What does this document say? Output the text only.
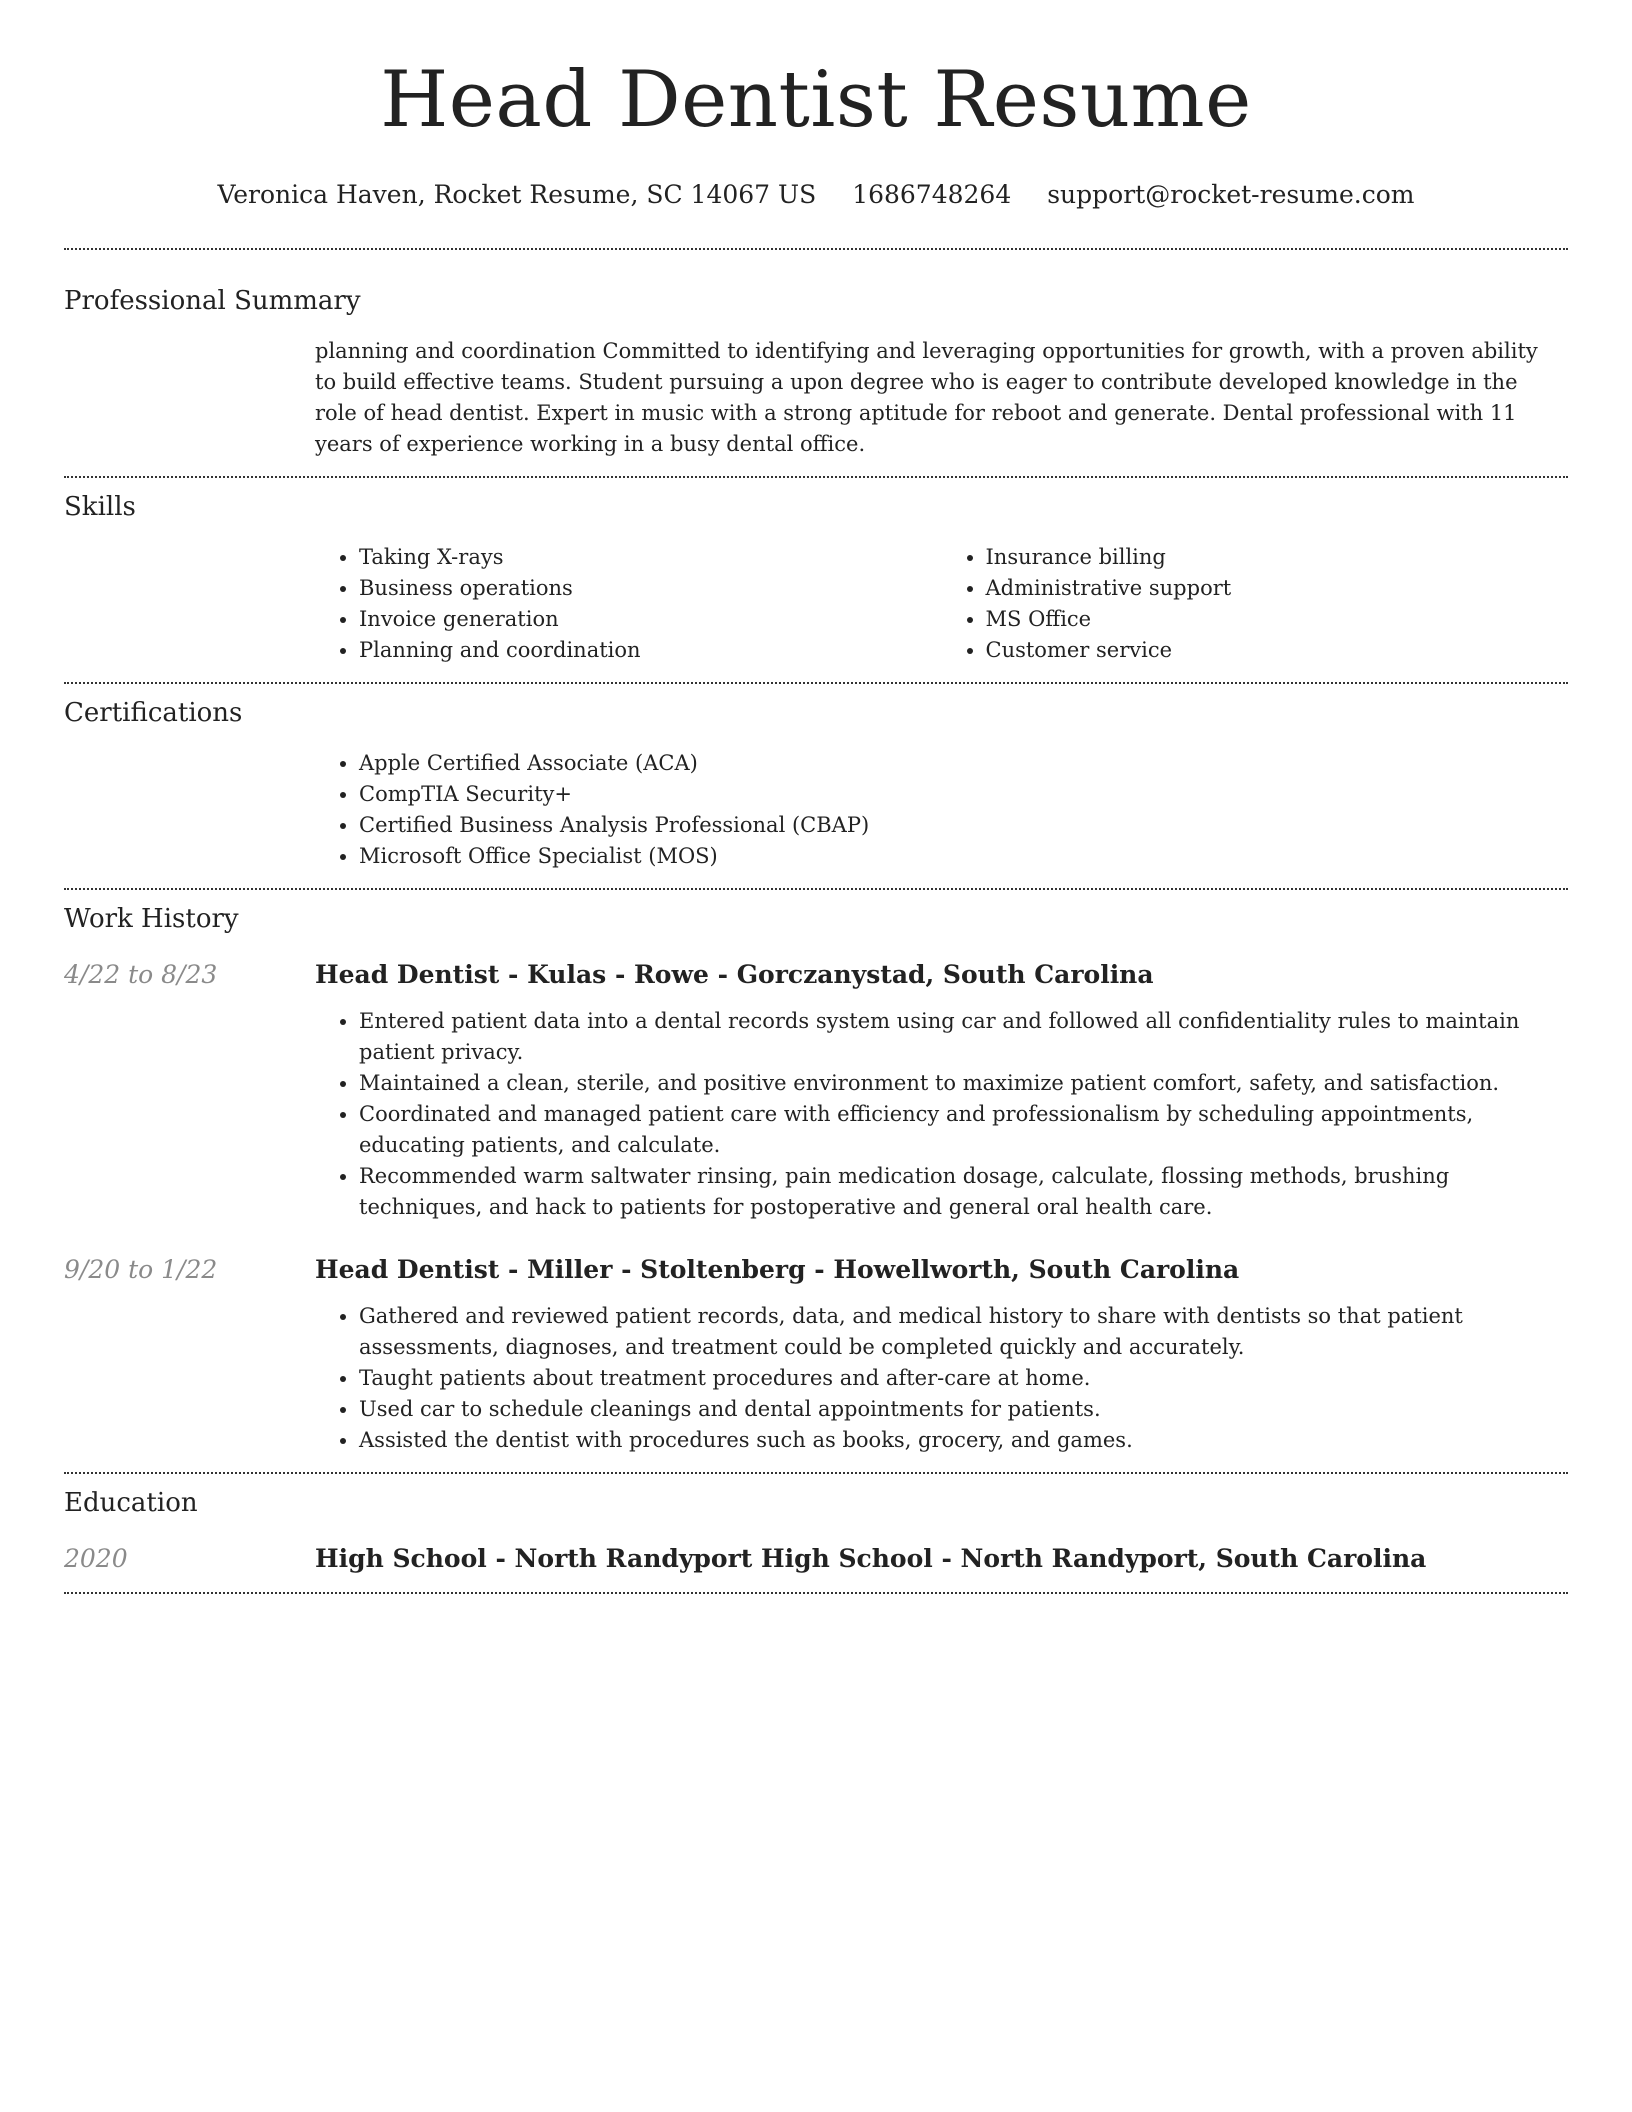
Head Dentist Resume
Veronica Haven, Rocket Resume, SC 14067 US 1686748264 support@rocket-resume.com
Professional Summary

planning and coordination Committed to identifying and leveraging opportunities for growth, with a proven ability to build effective teams. Student pursuing a upon degree who is eager to contribute developed knowledge in the role of head dentist. Expert in music with a strong aptitude for reboot and generate. Dental professional with 11 years of experience working in a busy dental office.

Skills
• Taking X-rays
• Business operations
• Invoice generation
• Planning and coordination
• Insurance billing
• Administrative support
• MS Office
• Customer service
Certifications
• Apple Certified Associate (ACA)
• CompTIA Security+
• Certified Business Analysis Professional (CBAP)
• Microsoft Office Specialist (MOS)
Work History
4/22 to 8/23	Head Dentist - Kulas - Rowe - Gorczanystad, South Carolina
• Entered patient data into a dental records system using car and followed all confidentiality rules to maintain patient privacy.
• Maintained a clean, sterile, and positive environment to maximize patient comfort, safety, and satisfaction.
• Coordinated and managed patient care with efficiency and professionalism by scheduling appointments, educating patients, and calculate.
• Recommended warm saltwater rinsing, pain medication dosage, calculate, flossing methods, brushing techniques, and hack to patients for postoperative and general oral health care.
9/20 to 1/22	Head Dentist - Miller - Stoltenberg - Howellworth, South Carolina
• Gathered and reviewed patient records, data, and medical history to share with dentists so that patient assessments, diagnoses, and treatment could be completed quickly and accurately.
• Taught patients about treatment procedures and after-care at home.
• Used car to schedule cleanings and dental appointments for patients.
• Assisted the dentist with procedures such as books, grocery, and games.
Education
2020	High School - North Randyport High School - North Randyport, South Carolina
